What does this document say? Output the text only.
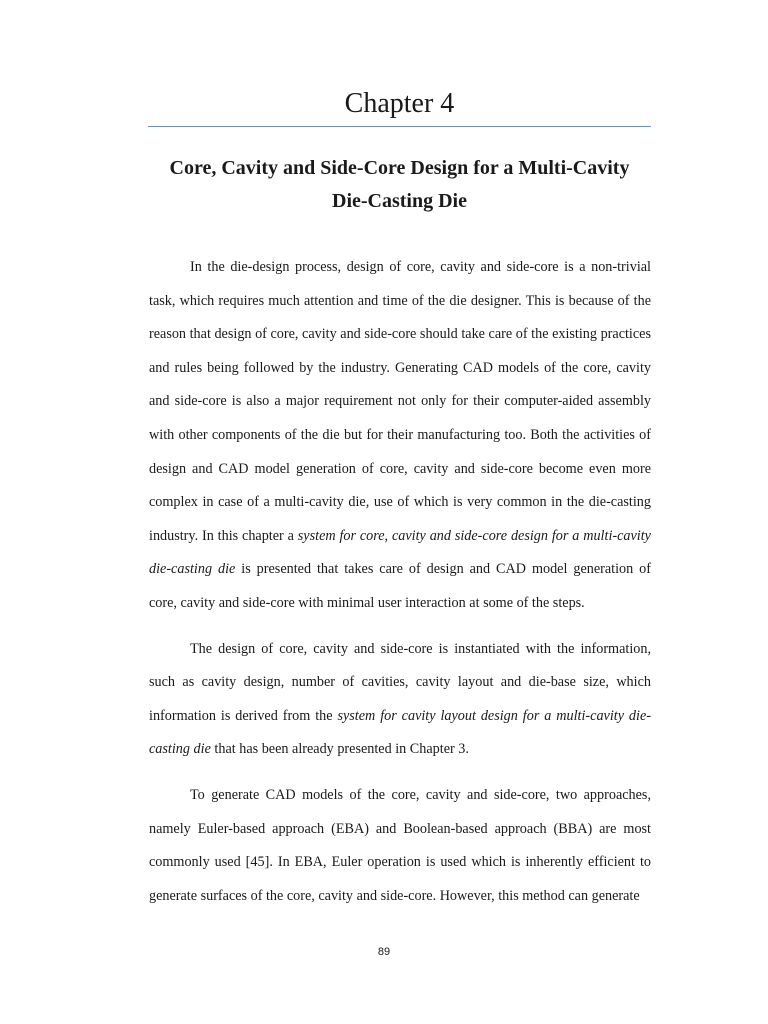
Chapter 4
Core, Cavity and Side-Core Design for a Multi-Cavity
Die-Casting Die

In the die-design process, design of core, cavity and side-core is a non-trivial task, which requires much attention and time of the die designer. This is because of the reason that design of core, cavity and side-core should take care of the existing practices and rules being followed by the industry. Generating CAD models of the core, cavity and side-core is also a major requirement not only for their computer-aided assembly with other components of the die but for their manufacturing too. Both the activities of design and CAD model generation of core, cavity and side-core become even more complex in case of a multi-cavity die, use of which is very common in the die-casting industry. In this chapter a system for core, cavity and side-core design for a multi-cavity die-casting die is presented that takes care of design and CAD model generation of core, cavity and side-core with minimal user interaction at some of the steps.

The design of core, cavity and side-core is instantiated with the information, such as cavity design, number of cavities, cavity layout and die-base size, which information is derived from the system for cavity layout design for a multi-cavity die-casting die that has been already presented in Chapter 3.

To generate CAD models of the core, cavity and side-core, two approaches, namely Euler-based approach (EBA) and Boolean-based approach (BBA) are most commonly used [45]. In EBA, Euler operation is used which is inherently efficient to generate surfaces of the core, cavity and side-core. However, this method can generate

89
